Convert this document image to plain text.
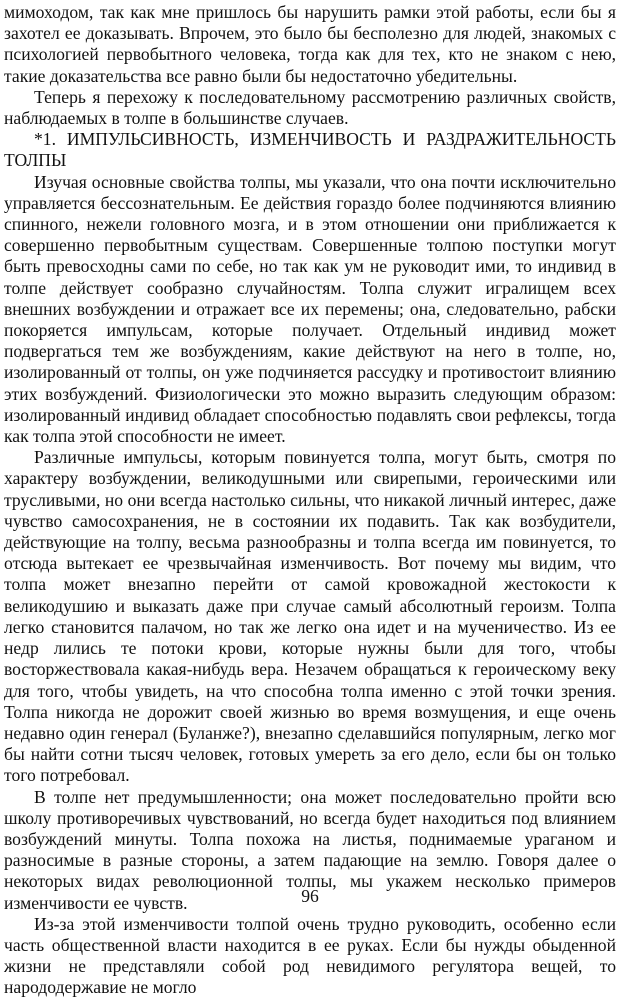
мимоходом, так как мне пришлось бы нарушить рамки этой работы, если бы я захотел ее доказывать. Впрочем, это было бы бесполезно для людей, знакомых с психологией первобытного человека, тогда как для тех, кто не знаком с нею, такие доказательства все равно были бы недостаточно убедительны.

Теперь я перехожу к последовательному рассмотрению различных свойств, наблюдаемых в толпе в большинстве случаев.

*1. ИМПУЛЬСИВНОСТЬ, ИЗМЕНЧИВОСТЬ И РАЗДРАЖИТЕЛЬНОСТЬ ТОЛПЫ

Изучая основные свойства толпы, мы указали, что она почти исключительно управляется бессознательным. Ее действия гораздо более подчиняются влиянию спинного, нежели головного мозга, и в этом отношении они приближается к совершенно первобытным существам. Совершенные толпою поступки могут быть превосходны сами по себе, но так как ум не руководит ими, то индивид в толпе действует сообразно случайностям. Толпа служит игралищем всех внешних возбуждении и отражает все их перемены; она, следовательно, рабски покоряется импульсам, которые получает. Отдельный индивид может подвергаться тем же возбуждениям, какие действуют на него в толпе, но, изолированный от толпы, он уже подчиняется рассудку и противостоит влиянию этих возбуждений. Физиологически это можно выразить следующим образом: изолированный индивид обладает способностью подавлять свои рефлексы, тогда как толпа этой способности не имеет.

Различные импульсы, которым повинуется толпа, могут быть, смотря по характеру возбуждении, великодушными или свирепыми, героическими или трусливыми, но они всегда настолько сильны, что никакой личный интерес, даже чувство самосохранения, не в состоянии их подавить. Так как возбудители, действующие на толпу, весьма разнообразны и толпа всегда им повинуется, то отсюда вытекает ее чрезвычайная изменчивость. Вот почему мы видим, что толпа может внезапно перейти от самой кровожадной жестокости к великодушию и выказать даже при случае самый абсолютный героизм. Толпа легко становится палачом, но так же легко она идет и на мученичество. Из ее недр лились те потоки крови, которые нужны были для того, чтобы восторжествовала какая-нибудь вера. Незачем обращаться к героическому веку для того, чтобы увидеть, на что способна толпа именно с этой точки зрения. Толпа никогда не дорожит своей жизнью во время возмущения, и еще очень недавно один генерал (Буланже?), внезапно сделавшийся популярным, легко мог бы найти сотни тысяч человек, готовых умереть за его дело, если бы он только того потребовал.

В толпе нет предумышленности; она может последовательно пройти всю школу противоречивых чувствований, но всегда будет находиться под влиянием возбуждений минуты. Толпа похожа на листья, поднимаемые ураганом и разносимые в разные стороны, а затем падающие на землю. Говоря далее о некоторых видах революционной толпы, мы укажем несколько примеров изменчивости ее чувств.

Из-за этой изменчивости толпой очень трудно руководить, особенно если часть общественной власти находится в ее руках. Если бы нужды обыденной жизни не представляли собой род невидимого регулятора вещей, то народодержавие не могло

96
